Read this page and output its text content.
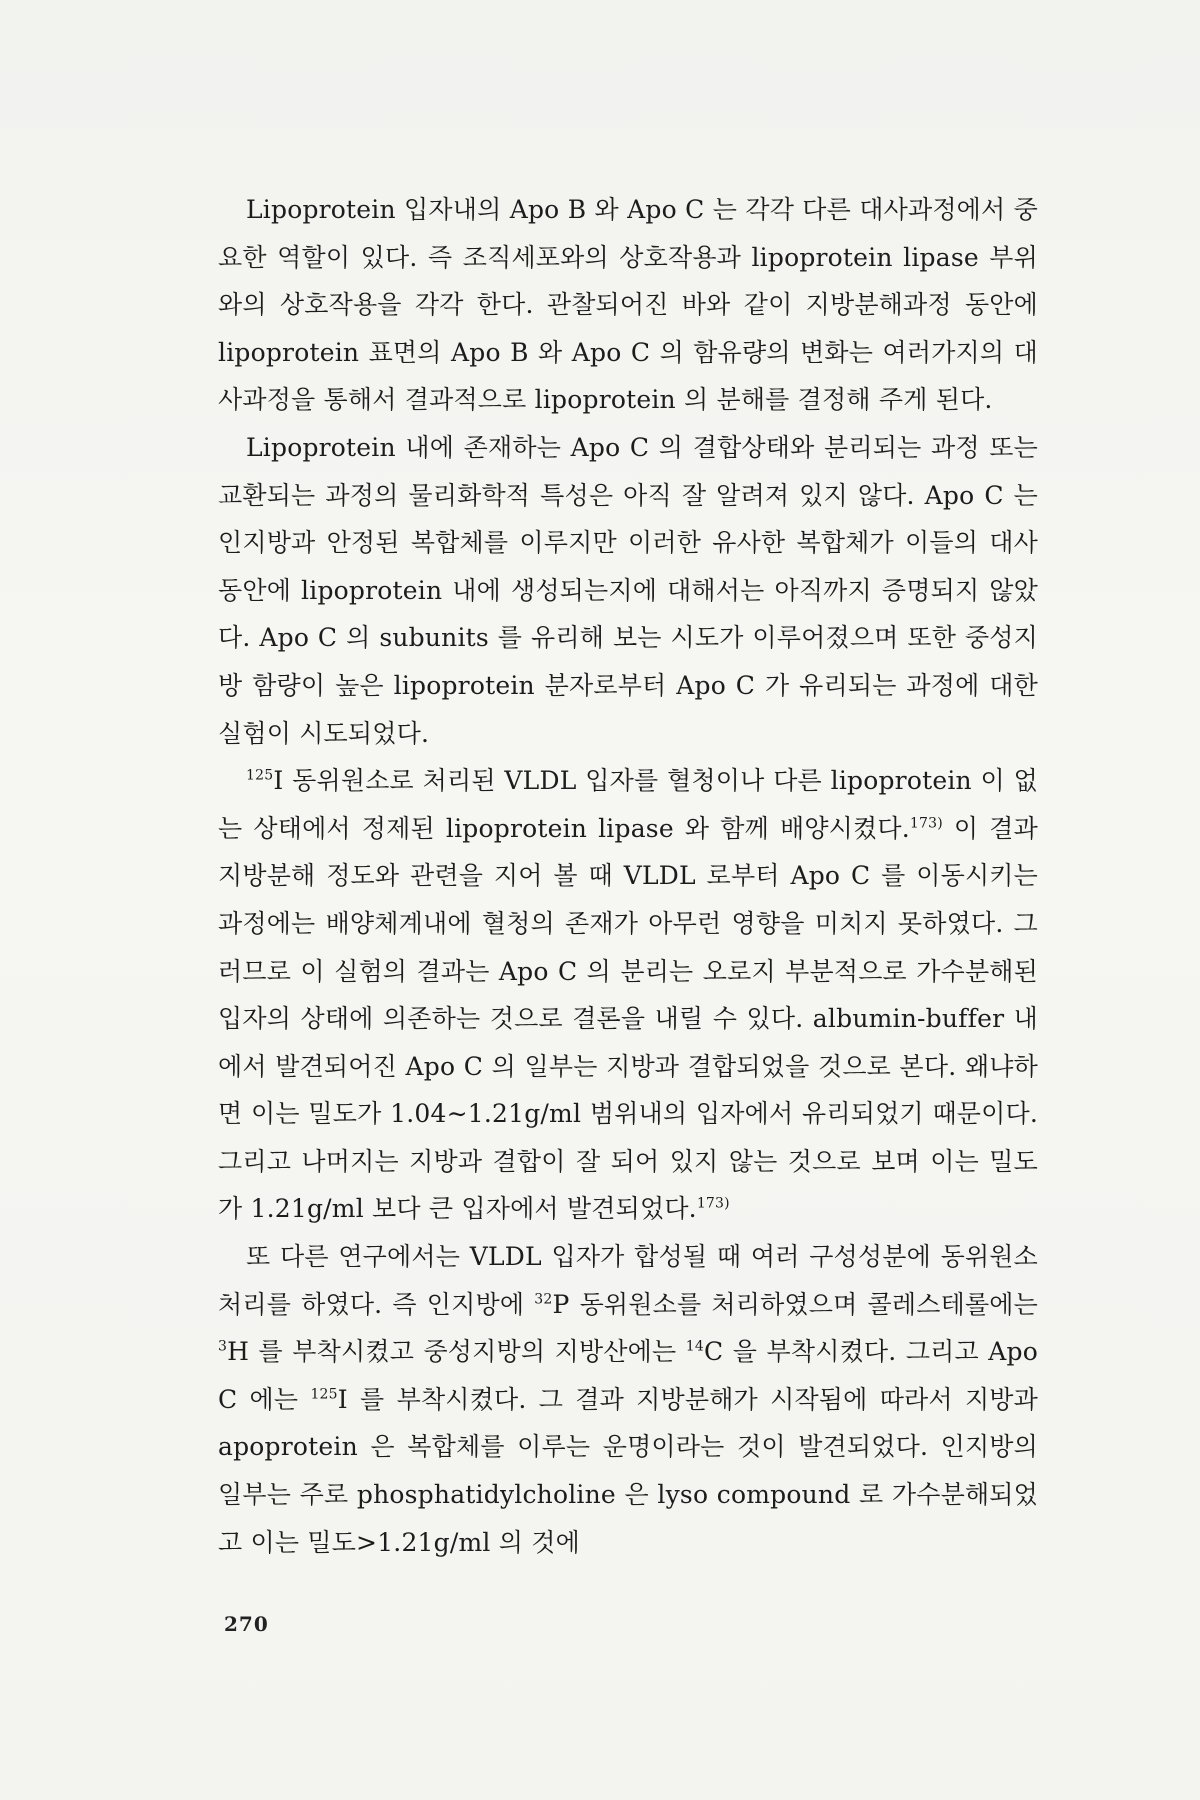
Lipoprotein 입자내의 Apo B 와 Apo C 는 각각 다른 대사과정에서 중요한 역할이 있다. 즉 조직세포와의 상호작용과 lipoprotein lipase 부위와의 상호작용을 각각 한다. 관찰되어진 바와 같이 지방분해과정 동안에 lipoprotein 표면의 Apo B 와 Apo C 의 함유량의 변화는 여러가지의 대사과정을 통해서 결과적으로 lipoprotein 의 분해를 결정해 주게 된다.

Lipoprotein 내에 존재하는 Apo C 의 결합상태와 분리되는 과정 또는 교환되는 과정의 물리화학적 특성은 아직 잘 알려져 있지 않다. Apo C 는 인지방과 안정된 복합체를 이루지만 이러한 유사한 복합체가 이들의 대사 동안에 lipoprotein 내에 생성되는지에 대해서는 아직까지 증명되지 않았다. Apo C 의 subunits 를 유리해 보는 시도가 이루어졌으며 또한 중성지방 함량이 높은 lipoprotein 분자로부터 Apo C 가 유리되는 과정에 대한 실험이 시도되었다.

$^{125}$I 동위원소로 처리된 VLDL 입자를 혈청이나 다른 lipoprotein 이 없는 상태에서 정제된 lipoprotein lipase 와 함께 배양시켰다.$^{173)}$ 이 결과 지방분해 정도와 관련을 지어 볼 때 VLDL 로부터 Apo C 를 이동시키는 과정에는 배양체계내에 혈청의 존재가 아무런 영향을 미치지 못하였다. 그러므로 이 실험의 결과는 Apo C 의 분리는 오로지 부분적으로 가수분해된 입자의 상태에 의존하는 것으로 결론을 내릴 수 있다. albumin-buffer 내에서 발견되어진 Apo C 의 일부는 지방과 결합되었을 것으로 본다. 왜냐하면 이는 밀도가 1.04∼1.21g/ml 범위내의 입자에서 유리되었기 때문이다. 그리고 나머지는 지방과 결합이 잘 되어 있지 않는 것으로 보며 이는 밀도가 1.21g/ml 보다 큰 입자에서 발견되었다.$^{173)}$

또 다른 연구에서는 VLDL 입자가 합성될 때 여러 구성성분에 동위원소 처리를 하였다. 즉 인지방에 $^{32}$P 동위원소를 처리하였으며 콜레스테롤에는 $^3$H 를 부착시켰고 중성지방의 지방산에는 $^{14}$C 을 부착시켰다. 그리고 Apo C 에는 $^{125}$I 를 부착시켰다. 그 결과 지방분해가 시작됨에 따라서 지방과 apoprotein 은 복합체를 이루는 운명이라는 것이 발견되었다. 인지방의 일부는 주로 phosphatidylcholine 은 lyso compound 로 가수분해되었고 이는 밀도>1.21g/ml 의 것에

270
